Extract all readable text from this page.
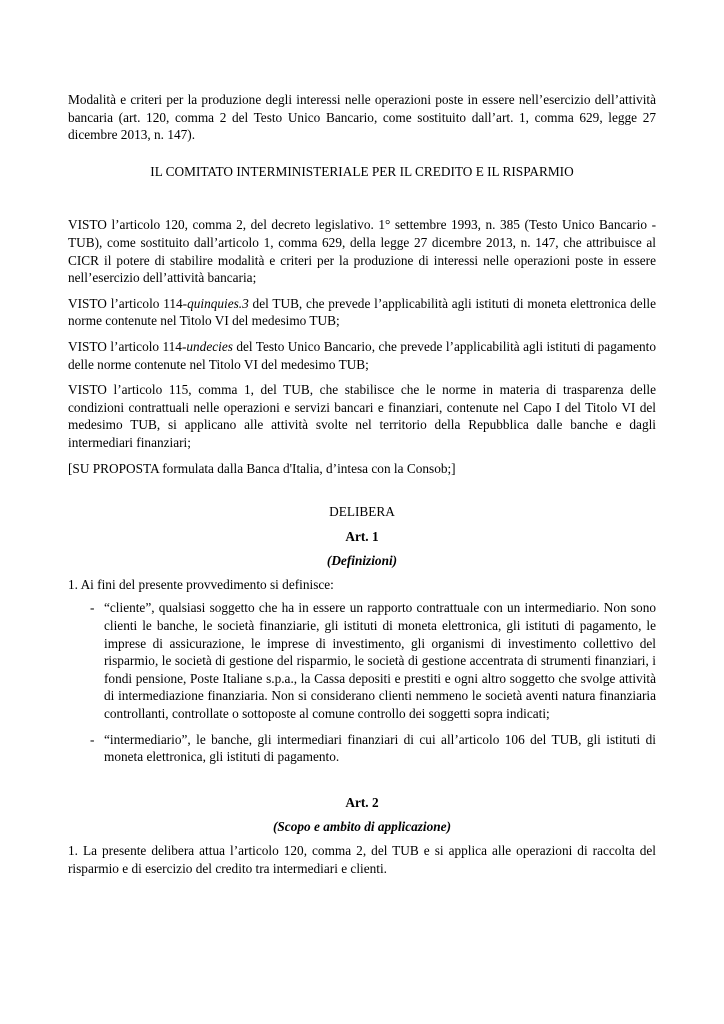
Modalità e criteri per la produzione degli interessi nelle operazioni poste in essere nell’esercizio dell’attività bancaria (art. 120, comma 2 del Testo Unico Bancario, come sostituito dall’art. 1, comma 629, legge 27 dicembre 2013, n. 147).

IL COMITATO INTERMINISTERIALE PER IL CREDITO E IL RISPARMIO

VISTO l’articolo 120, comma 2, del decreto legislativo. 1° settembre 1993, n. 385 (Testo Unico Bancario - TUB), come sostituito dall’articolo 1, comma 629, della legge 27 dicembre 2013, n. 147, che attribuisce al CICR il potere di stabilire modalità e criteri per la produzione di interessi nelle operazioni poste in essere nell’esercizio dell’attività bancaria;

VISTO l’articolo 114-quinquies.3 del TUB, che prevede l’applicabilità agli istituti di moneta elettronica delle norme contenute nel Titolo VI del medesimo TUB;

VISTO l’articolo 114-undecies del Testo Unico Bancario, che prevede l’applicabilità agli istituti di pagamento delle norme contenute nel Titolo VI del medesimo TUB;

VISTO l’articolo 115, comma 1, del TUB, che stabilisce che le norme in materia di trasparenza delle condizioni contrattuali nelle operazioni e servizi bancari e finanziari, contenute nel Capo I del Titolo VI del medesimo TUB, si applicano alle attività svolte nel territorio della Repubblica dalle banche e dagli intermediari finanziari;

[SU PROPOSTA formulata dalla Banca d'Italia, d’intesa con la Consob;]

DELIBERA

Art. 1

(Definizioni)

1. Ai fini del presente provvedimento si definisce:

- “cliente”, qualsiasi soggetto che ha in essere un rapporto contrattuale con un intermediario. Non sono clienti le banche, le società finanziarie, gli istituti di moneta elettronica, gli istituti di pagamento, le imprese di assicurazione, le imprese di investimento, gli organismi di investimento collettivo del risparmio, le società di gestione del risparmio, le società di gestione accentrata di strumenti finanziari, i fondi pensione, Poste Italiane s.p.a., la Cassa depositi e prestiti e ogni altro soggetto che svolge attività di intermediazione finanziaria. Non si considerano clienti nemmeno le società aventi natura finanziaria controllanti, controllate o sottoposte al comune controllo dei soggetti sopra indicati;
- “intermediario”, le banche, gli intermediari finanziari di cui all’articolo 106 del TUB, gli istituti di moneta elettronica, gli istituti di pagamento.

Art. 2

(Scopo e ambito di applicazione)

1. La presente delibera attua l’articolo 120, comma 2, del TUB e si applica alle operazioni di raccolta del risparmio e di esercizio del credito tra intermediari e clienti.
